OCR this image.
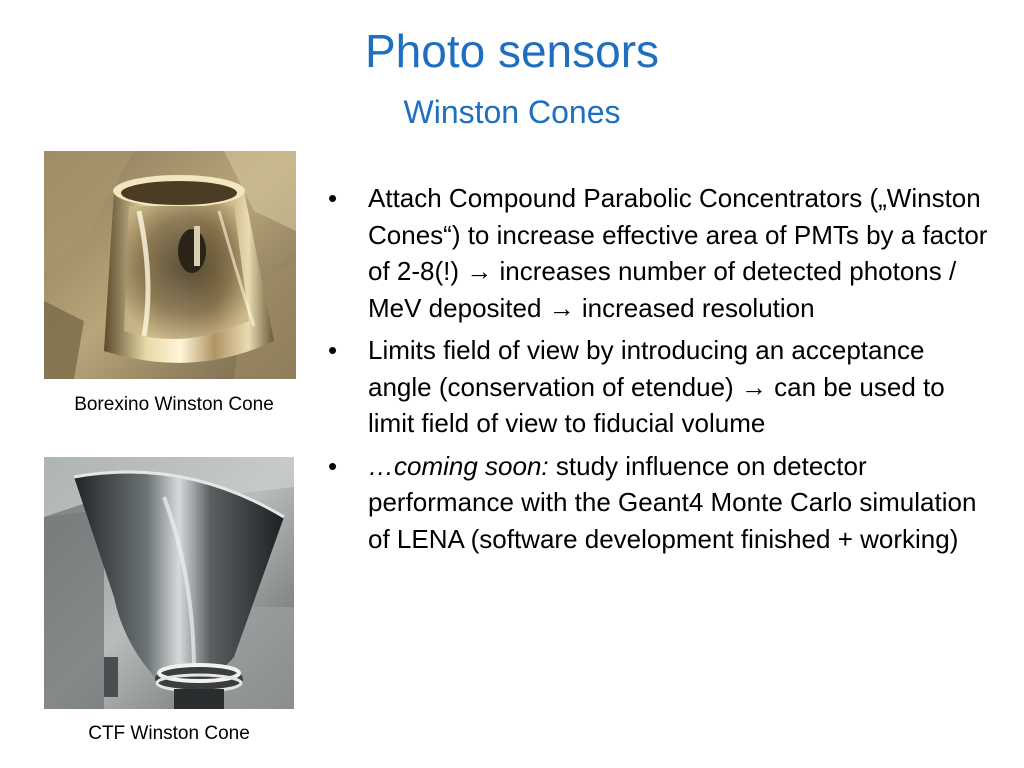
Photo sensors
Winston Cones
Borexino Winston Cone
CTF Winston Cone
•	Attach Compound Parabolic Concentrators („Winston Cones“) to increase effective area of PMTs by a factor of 2-8(!) → increases number of detected photons / MeV deposited → increased resolution
•	Limits field of view by introducing an acceptance angle (conservation of etendue) → can be used to limit field of view to fiducial volume
•	…coming soon: study influence on detector performance with the Geant4 Monte Carlo simulation of LENA (software development finished + working)
